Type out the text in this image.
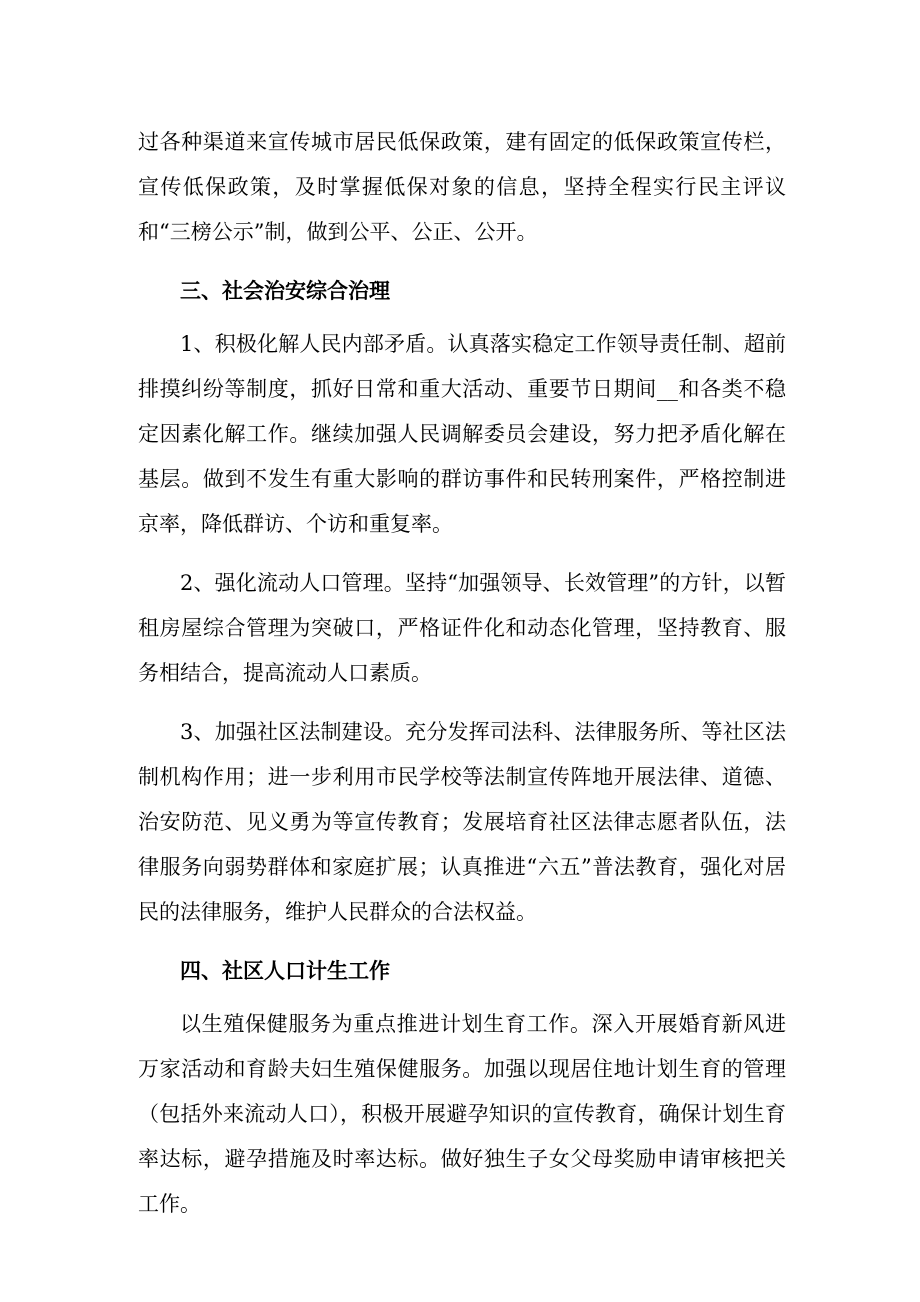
过各种渠道来宣传城市居民低保政策，建有固定的低保政策宣传栏，宣传低保政策，及时掌握低保对象的信息，坚持全程实行民主评议和“三榜公示”制，做到公平、公正、公开。

三、社会治安综合治理

1、积极化解人民内部矛盾。认真落实稳定工作领导责任制、超前排摸纠纷等制度，抓好日常和重大活动、重要节日期间__和各类不稳定因素化解工作。继续加强人民调解委员会建设，努力把矛盾化解在基层。做到不发生有重大影响的群访事件和民转刑案件，严格控制进京率，降低群访、个访和重复率。

2、强化流动人口管理。坚持“加强领导、长效管理”的方针，以暂租房屋综合管理为突破口，严格证件化和动态化管理，坚持教育、服务相结合，提高流动人口素质。

3、加强社区法制建设。充分发挥司法科、法律服务所、等社区法制机构作用；进一步利用市民学校等法制宣传阵地开展法律、道德、治安防范、见义勇为等宣传教育；发展培育社区法律志愿者队伍，法律服务向弱势群体和家庭扩展；认真推进“六五”普法教育，强化对居民的法律服务，维护人民群众的合法权益。

四、社区人口计生工作

以生殖保健服务为重点推进计划生育工作。深入开展婚育新风进万家活动和育龄夫妇生殖保健服务。加强以现居住地计划生育的管理（包括外来流动人口），积极开展避孕知识的宣传教育，确保计划生育率达标，避孕措施及时率达标。做好独生子女父母奖励申请审核把关工作。
